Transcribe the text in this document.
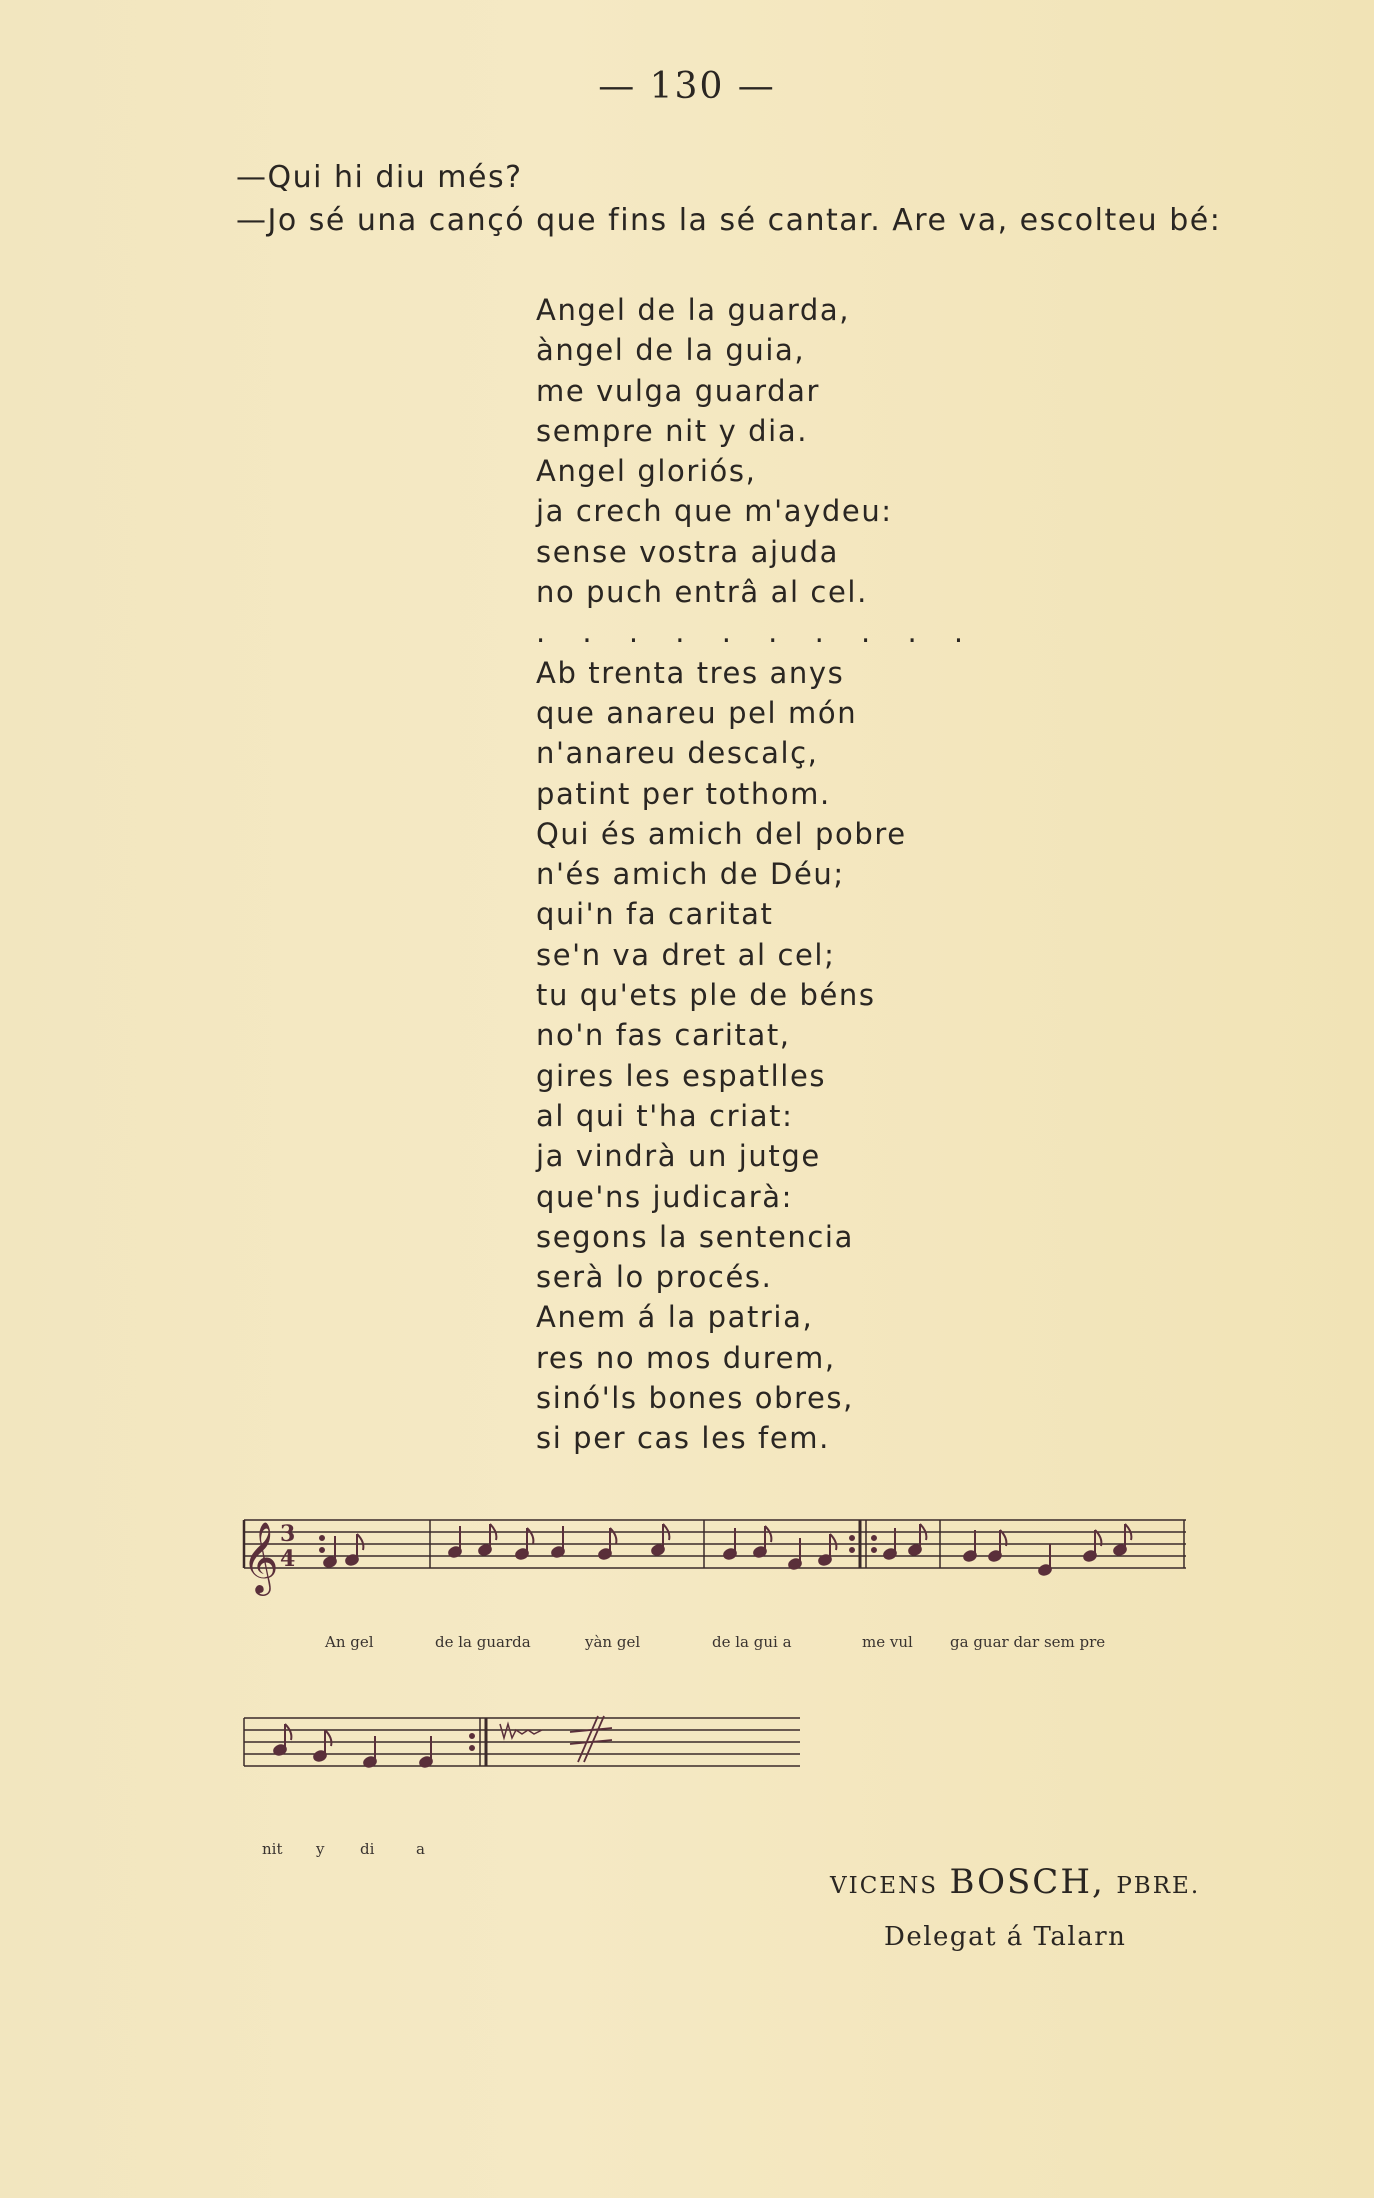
— 130 —
—Qui hi diu més?
—Jo sé una cançó que fins la sé cantar. Are va, escolteu bé:
Angel de la guarda,
àngel de la guia,
me vulga guardar
sempre nit y dia.
Angel gloriós,
ja crech que m'aydeu:
sense vostra ajuda
no puch entrâ al cel.
. . . . . . . . . .
Ab trenta tres anys
que anareu pel món
n'anareu descalç,
patint per tothom.
Qui és amich del pobre
n'és amich de Déu;
qui'n fa caritat
se'n va dret al cel;
tu qu'ets ple de béns
no'n fas caritat,
gires les espatlles
al qui t'ha criat:
ja vindrà un jutge
que'ns judicarà:
segons la sentencia
serà lo procés.
Anem á la patria,
res no mos durem,
sinó'ls bones obres,
si per cas les fem.
𝄞 3
4
An gel	de la guarda	yàn gel	de la gui a	me vul ga guar dar sem pre
nit y di	a
VICENS BOSCH, PBRE.
Delegat á Talarn
